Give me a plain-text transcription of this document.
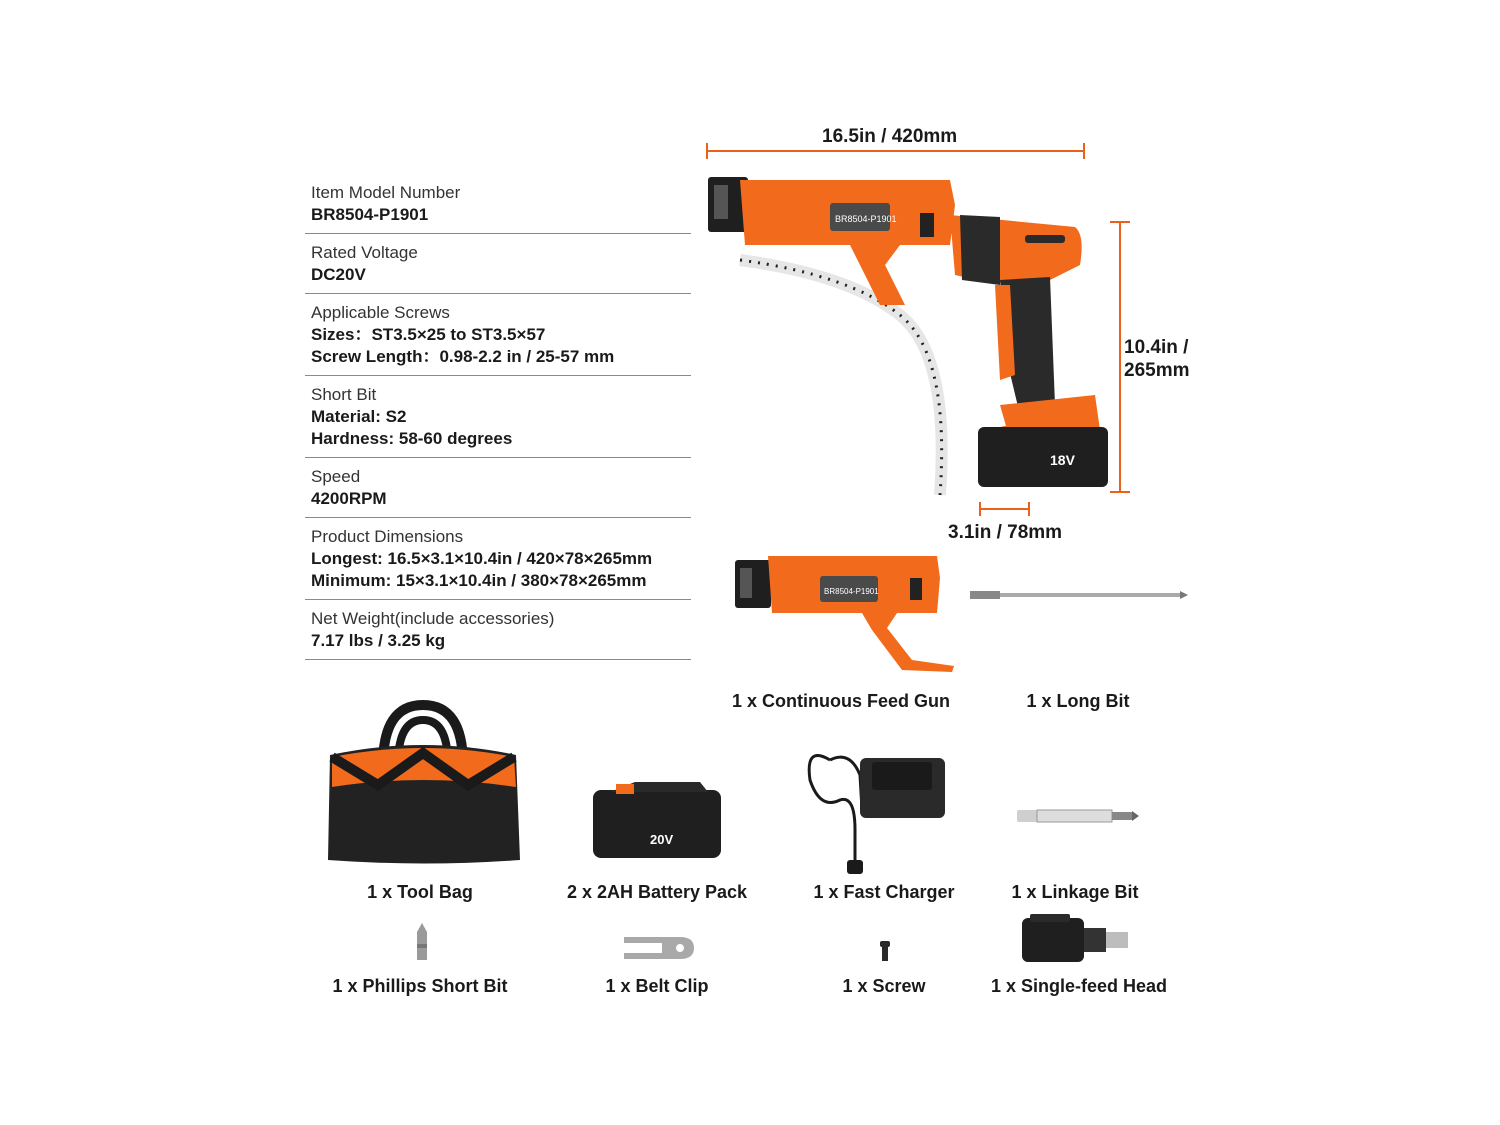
Item Model Number
BR8504-P1901
Rated Voltage
DC20V
Applicable Screws
Sizes：ST3.5×25 to ST3.5×57
Screw Length：0.98-2.2 in / 25-57 mm
Short Bit
Material: S2
Hardness: 58-60 degrees
Speed
4200RPM
Product Dimensions
Longest: 16.5×3.1×10.4in / 420×78×265mm
Minimum: 15×3.1×10.4in / 380×78×265mm
Net Weight(include accessories)
7.17 lbs / 3.25 kg
16.5in / 420mm
10.4in /
265mm
3.1in / 78mm
BR8504-P1901
18V
BR8504-P1901
1 x Continuous Feed Gun	1 x Long Bit
1 x Tool Bag
20V
2 x 2AH Battery Pack	1 x Fast Charger	1 x Linkage Bit
1 x Phillips Short Bit	1 x Belt Clip	1 x Screw	1 x Single-feed Head
